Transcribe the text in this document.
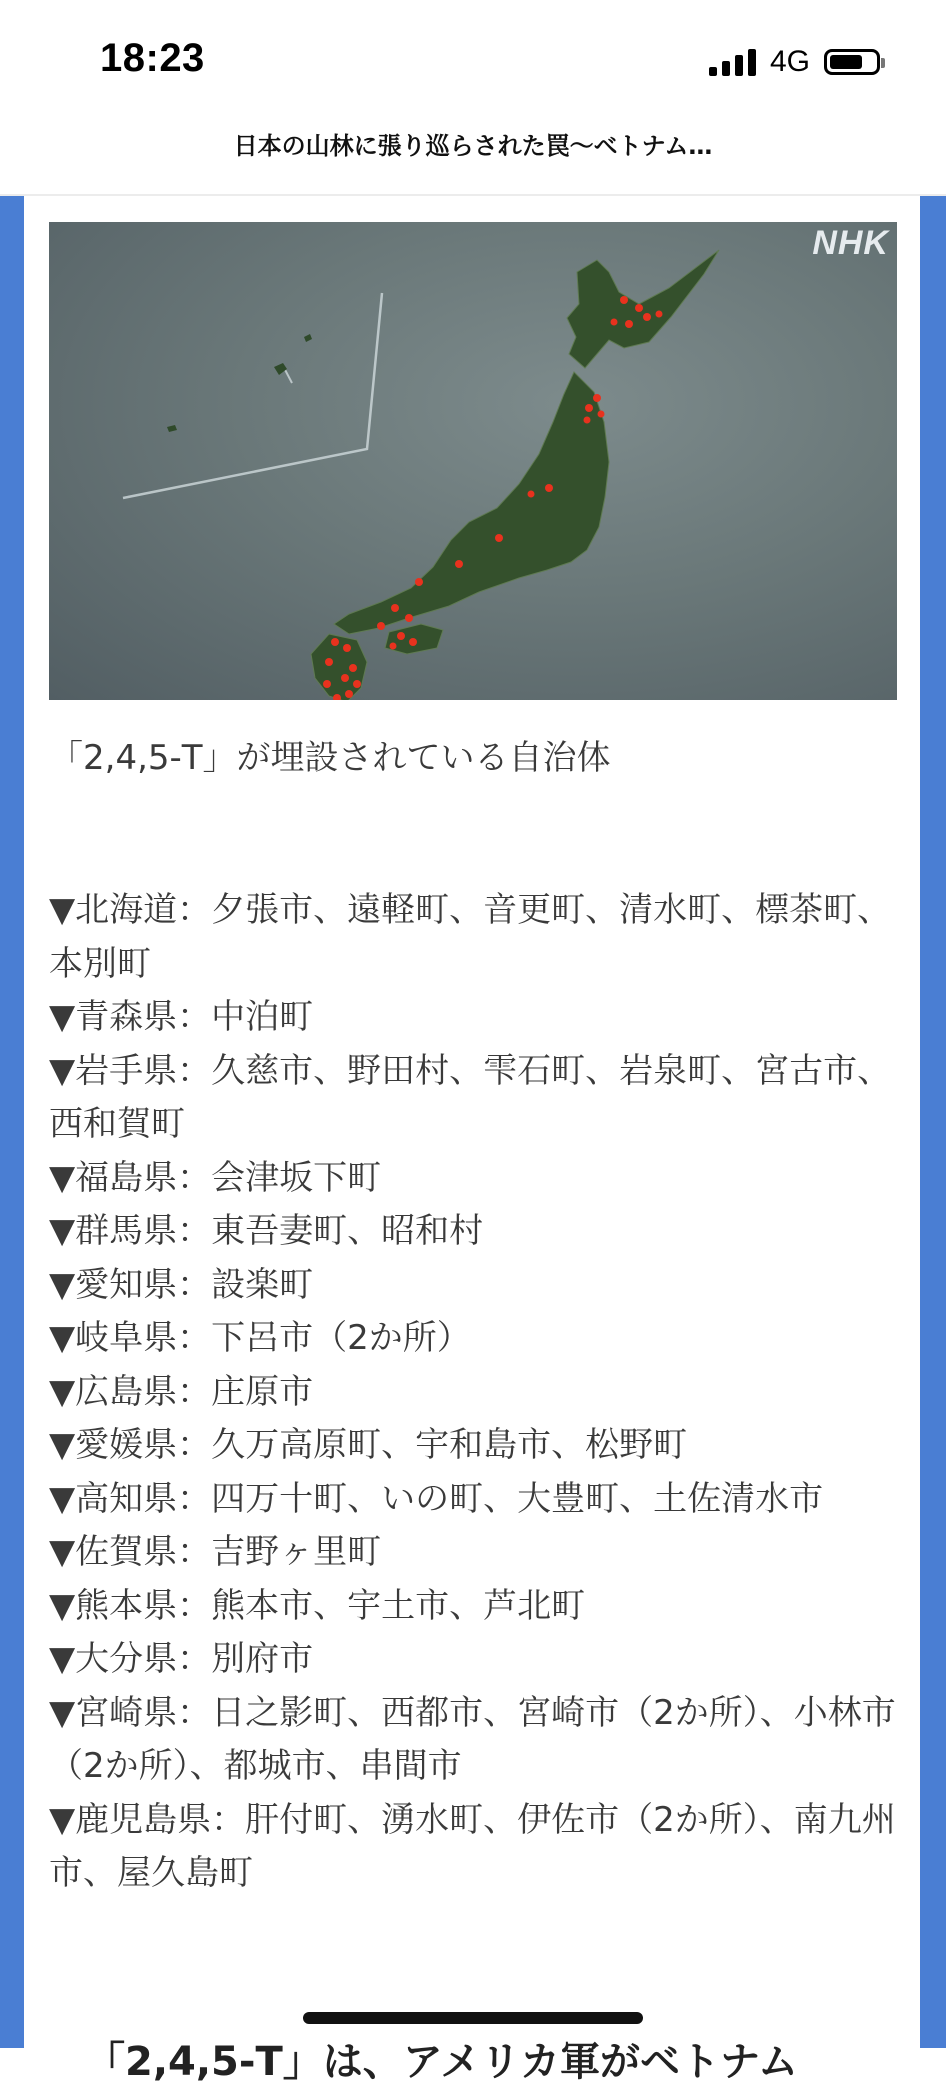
18:23	4G
日本の山林に張り巡らされた罠〜ベトナム…
NHK
「2,4,5-T」が埋設されている自治体
▼北海道：夕張市、遠軽町、音更町、清水町、標茶町、本別町
▼青森県：中泊町
▼岩手県：久慈市、野田村、雫石町、岩泉町、宮古市、西和賀町
▼福島県：会津坂下町
▼群馬県：東吾妻町、昭和村
▼愛知県：設楽町
▼岐阜県：下呂市（2か所）
▼広島県：庄原市
▼愛媛県：久万高原町、宇和島市、松野町
▼高知県：四万十町、いの町、大豊町、土佐清水市
▼佐賀県：吉野ヶ里町
▼熊本県：熊本市、宇土市、芦北町
▼大分県：別府市
▼宮崎県：日之影町、西都市、宮崎市（2か所）、小林市（2か所）、都城市、串間市
▼鹿児島県：肝付町、湧水町、伊佐市（2か所）、南九州市、屋久島町
「2,4,5-T」は、アメリカ軍がベトナム
